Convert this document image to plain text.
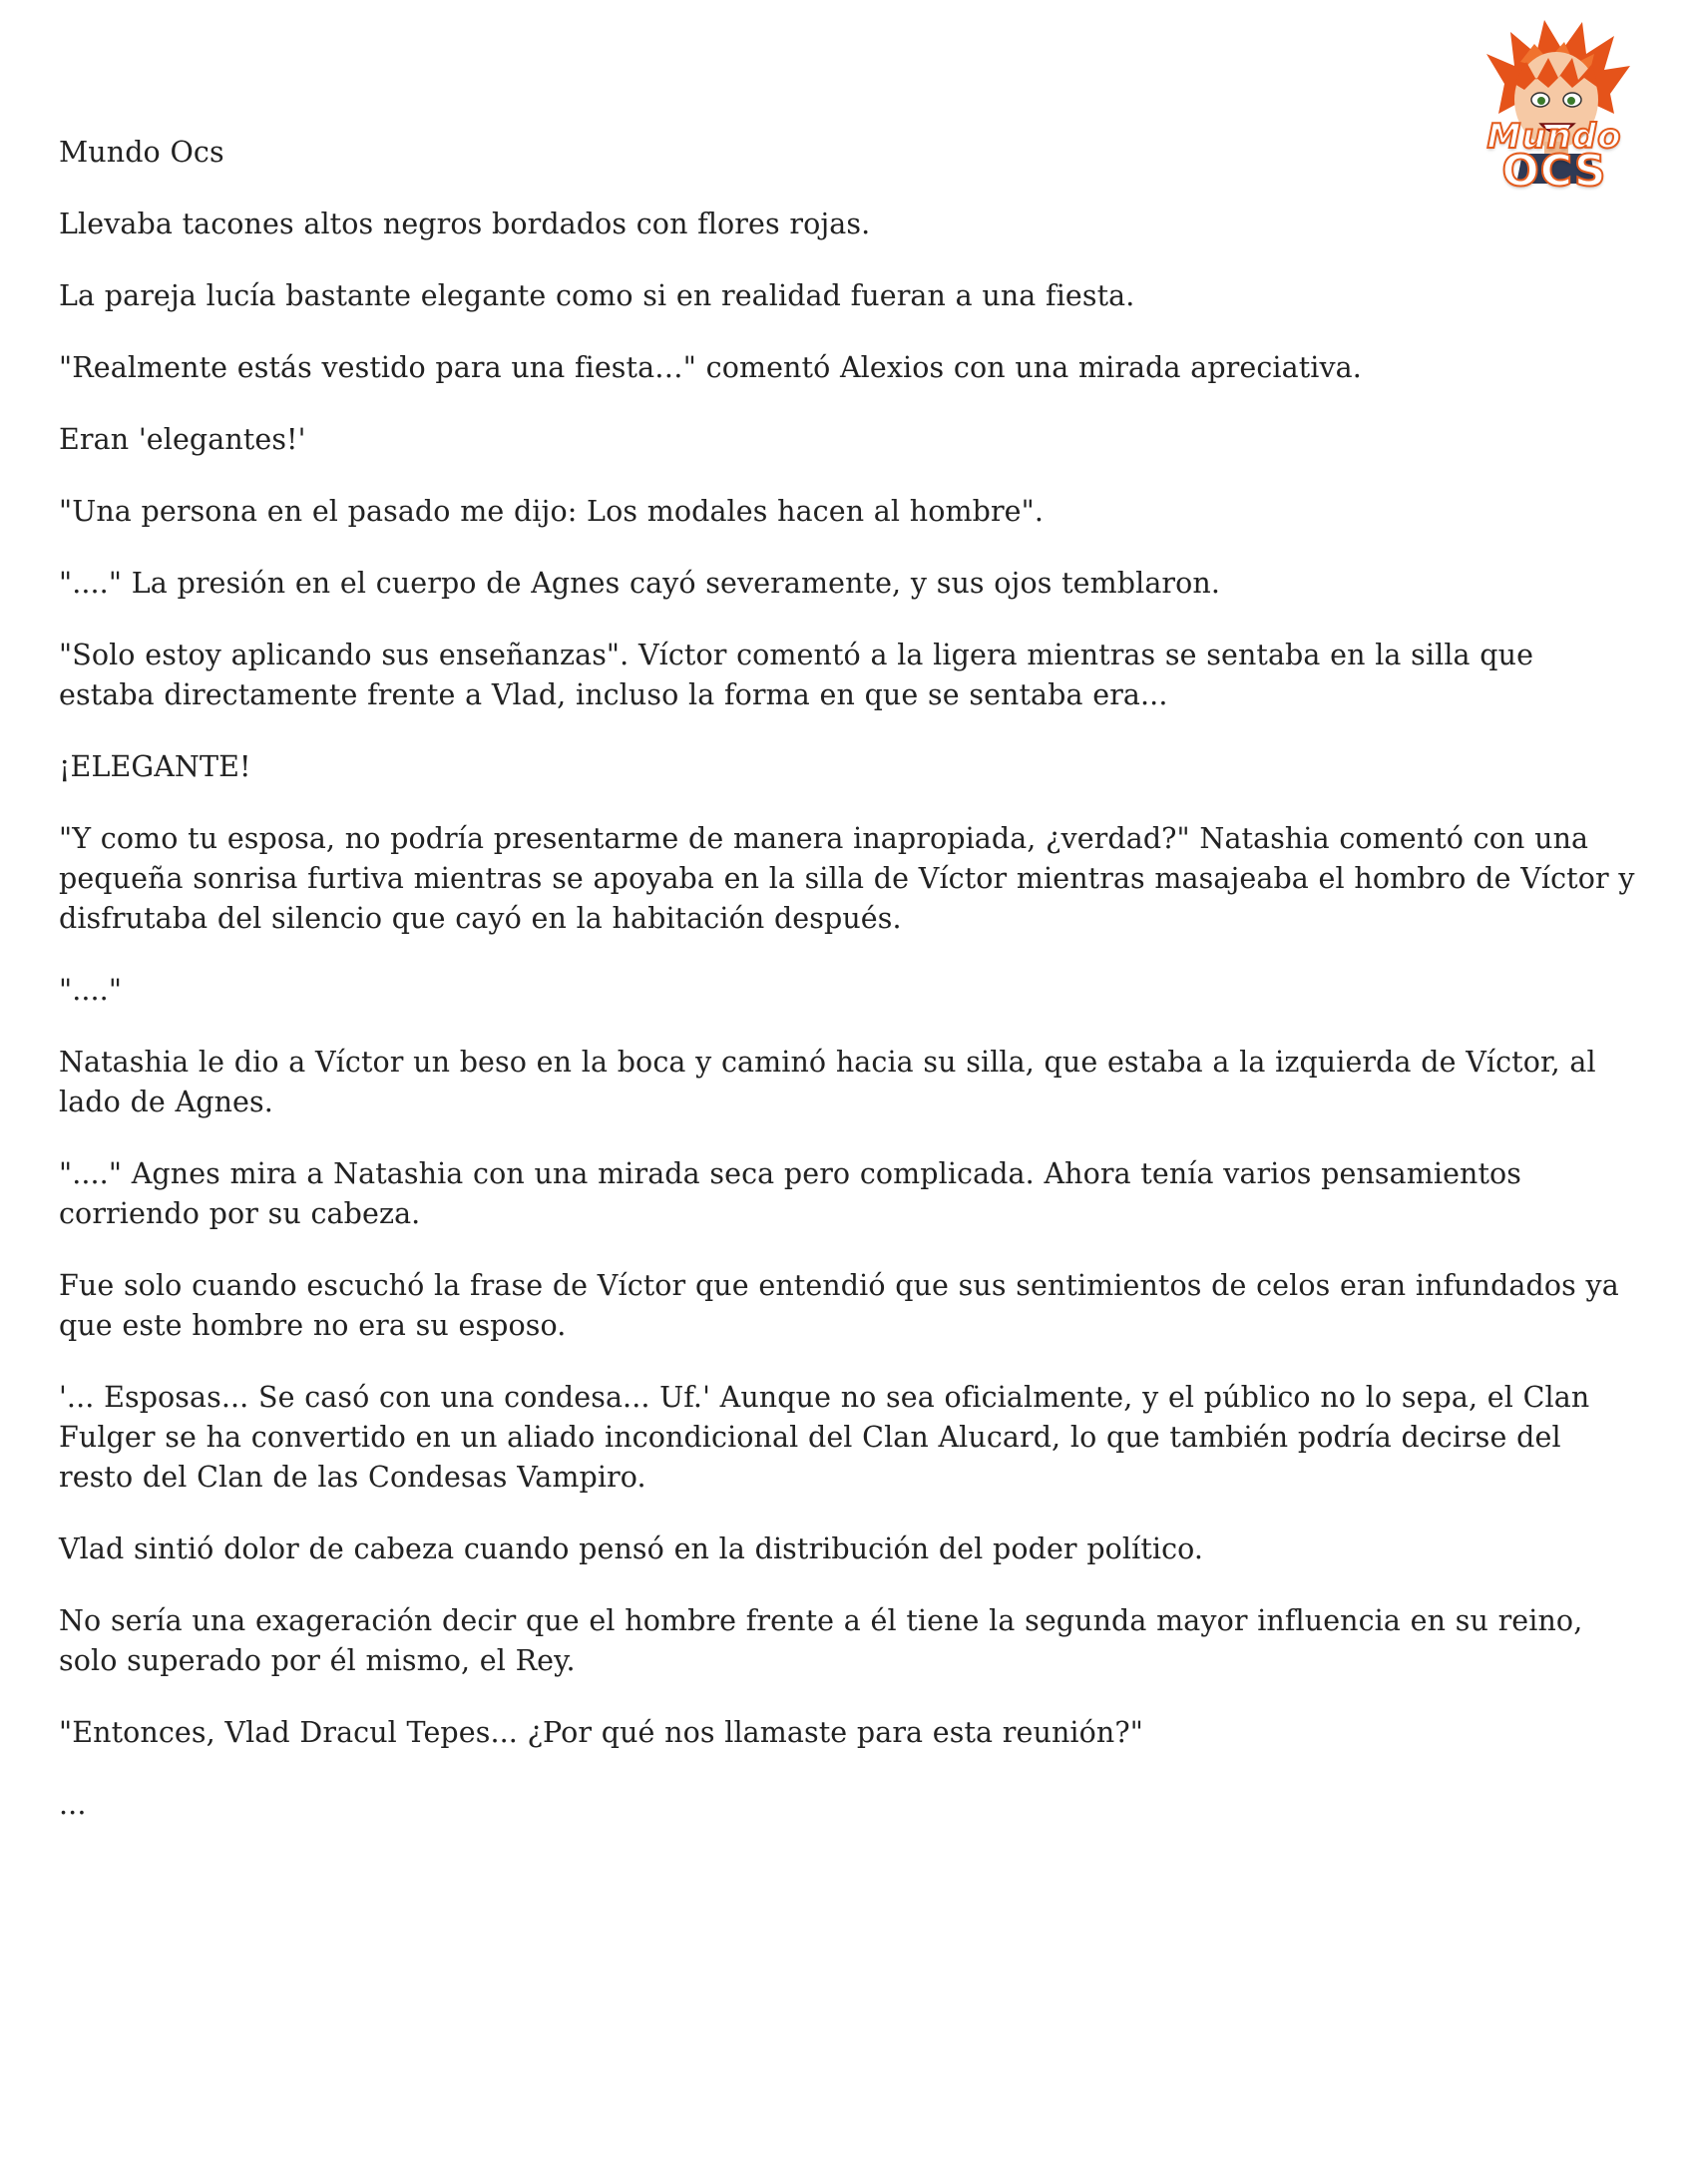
Mundo
OCS

Mundo Ocs

Llevaba tacones altos negros bordados con flores rojas.

La pareja lucía bastante elegante como si en realidad fueran a una fiesta.

"Realmente estás vestido para una fiesta…" comentó Alexios con una mirada apreciativa.

Eran 'elegantes!'

"Una persona en el pasado me dijo: Los modales hacen al hombre".

"...." La presión en el cuerpo de Agnes cayó severamente, y sus ojos temblaron.

"Solo estoy aplicando sus enseñanzas". Víctor comentó a la ligera mientras se sentaba en la silla que estaba directamente frente a Vlad, incluso la forma en que se sentaba era...

¡ELEGANTE!

"Y como tu esposa, no podría presentarme de manera inapropiada, ¿verdad?" Natashia comentó con una pequeña sonrisa furtiva mientras se apoyaba en la silla de Víctor mientras masajeaba el hombro de Víctor y disfrutaba del silencio que cayó en la habitación después.

"...."

Natashia le dio a Víctor un beso en la boca y caminó hacia su silla, que estaba a la izquierda de Víctor, al lado de Agnes.

"...." Agnes mira a Natashia con una mirada seca pero complicada. Ahora tenía varios pensamientos corriendo por su cabeza.

Fue solo cuando escuchó la frase de Víctor que entendió que sus sentimientos de celos eran infundados ya que este hombre no era su esposo.

'... Esposas... Se casó con una condesa... Uf.' Aunque no sea oficialmente, y el público no lo sepa, el Clan Fulger se ha convertido en un aliado incondicional del Clan Alucard, lo que también podría decirse del resto del Clan de las Condesas Vampiro.

Vlad sintió dolor de cabeza cuando pensó en la distribución del poder político.

No sería una exageración decir que el hombre frente a él tiene la segunda mayor influencia en su reino, solo superado por él mismo, el Rey.

"Entonces, Vlad Dracul Tepes... ¿Por qué nos llamaste para esta reunión?"

...
